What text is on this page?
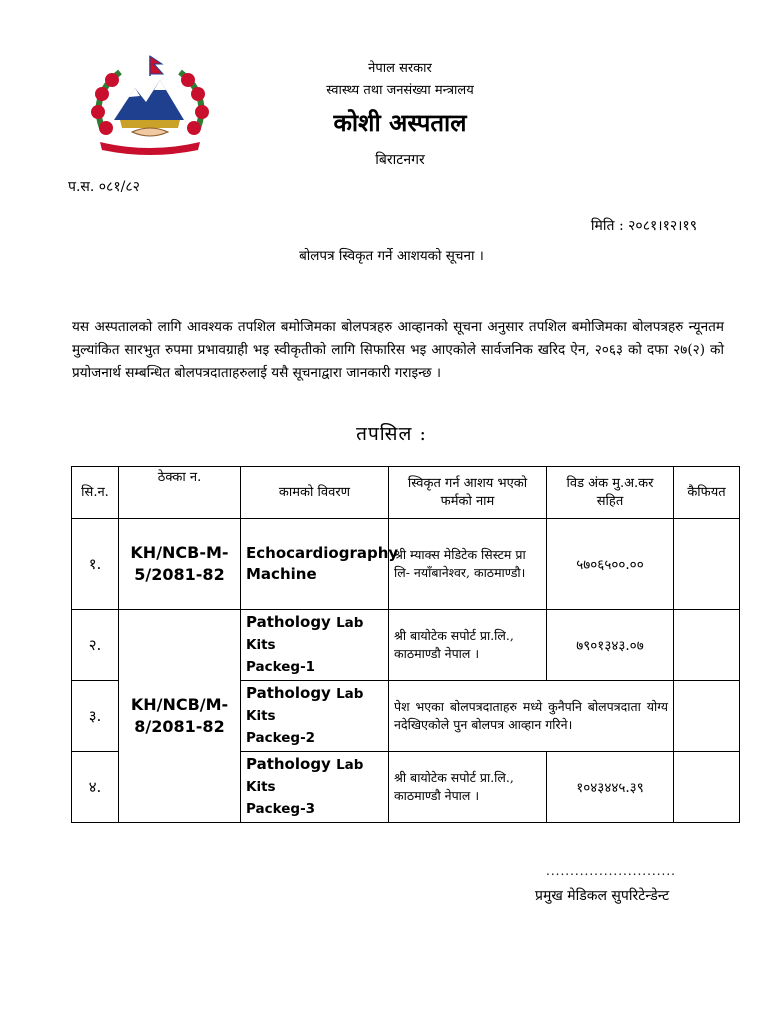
नेपाल सरकार
स्वास्थ्य तथा जनसंख्या मन्त्रालय
कोशी अस्पताल
बिराटनगर
प.स. ०८१/८२
मिति : २०८१।१२।१९
बोलपत्र स्विकृत गर्ने आशयको सूचना ।
यस अस्पतालको लागि आवश्यक तपशिल बमोजिमका बोलपत्रहरु आव्हानको सूचना अनुसार तपशिल बमोजिमका बोलपत्रहरु न्यूनतम मुल्यांकित सारभुत रुपमा प्रभावग्राही भइ स्वीकृतीको लागि सिफारिस भइ आएकोले सार्वजनिक खरिद ऐन, २०६३ को दफा २७(२) को प्रयोजनार्थ सम्बन्धित बोलपत्रदाताहरुलाई यसै सूचनाद्वारा जानकारी गराइन्छ ।
तपसिल :
सि.न.	ठेक्का न.	कामको विवरण	स्विकृत गर्न आशय भएको फर्मको नाम	विड अंक मु.अ.कर सहित	कैफियत
१.	KH/NCB-M-5/2081-82	Echocardiography Machine	श्री म्याक्स मेडिटेक सिस्टम प्रा लि- नयाँबानेश्वर, काठमाण्डौ।	५७०६५००.००	
२.	KH/NCB/M-8/2081-82	Pathology Lab Kits
Packeg-1	श्री बायोटेक सपोर्ट प्रा.लि., काठमाण्डौ नेपाल ।	७९०१३४३.०७	
३.		Pathology Lab Kits
Packeg-2	पेश भएका बोलपत्रदाताहरु मध्ये कुनैपनि बोलपत्रदाता योग्य नदेखिएकोले पुन बोलपत्र आव्हान गरिने।		
४.		Pathology Lab Kits
Packeg-3	श्री बायोटेक सपोर्ट प्रा.लि., काठमाण्डौ नेपाल ।	१०४३४४५.३९	
...........................
प्रमुख मेडिकल सुपरिटेन्डेन्ट
